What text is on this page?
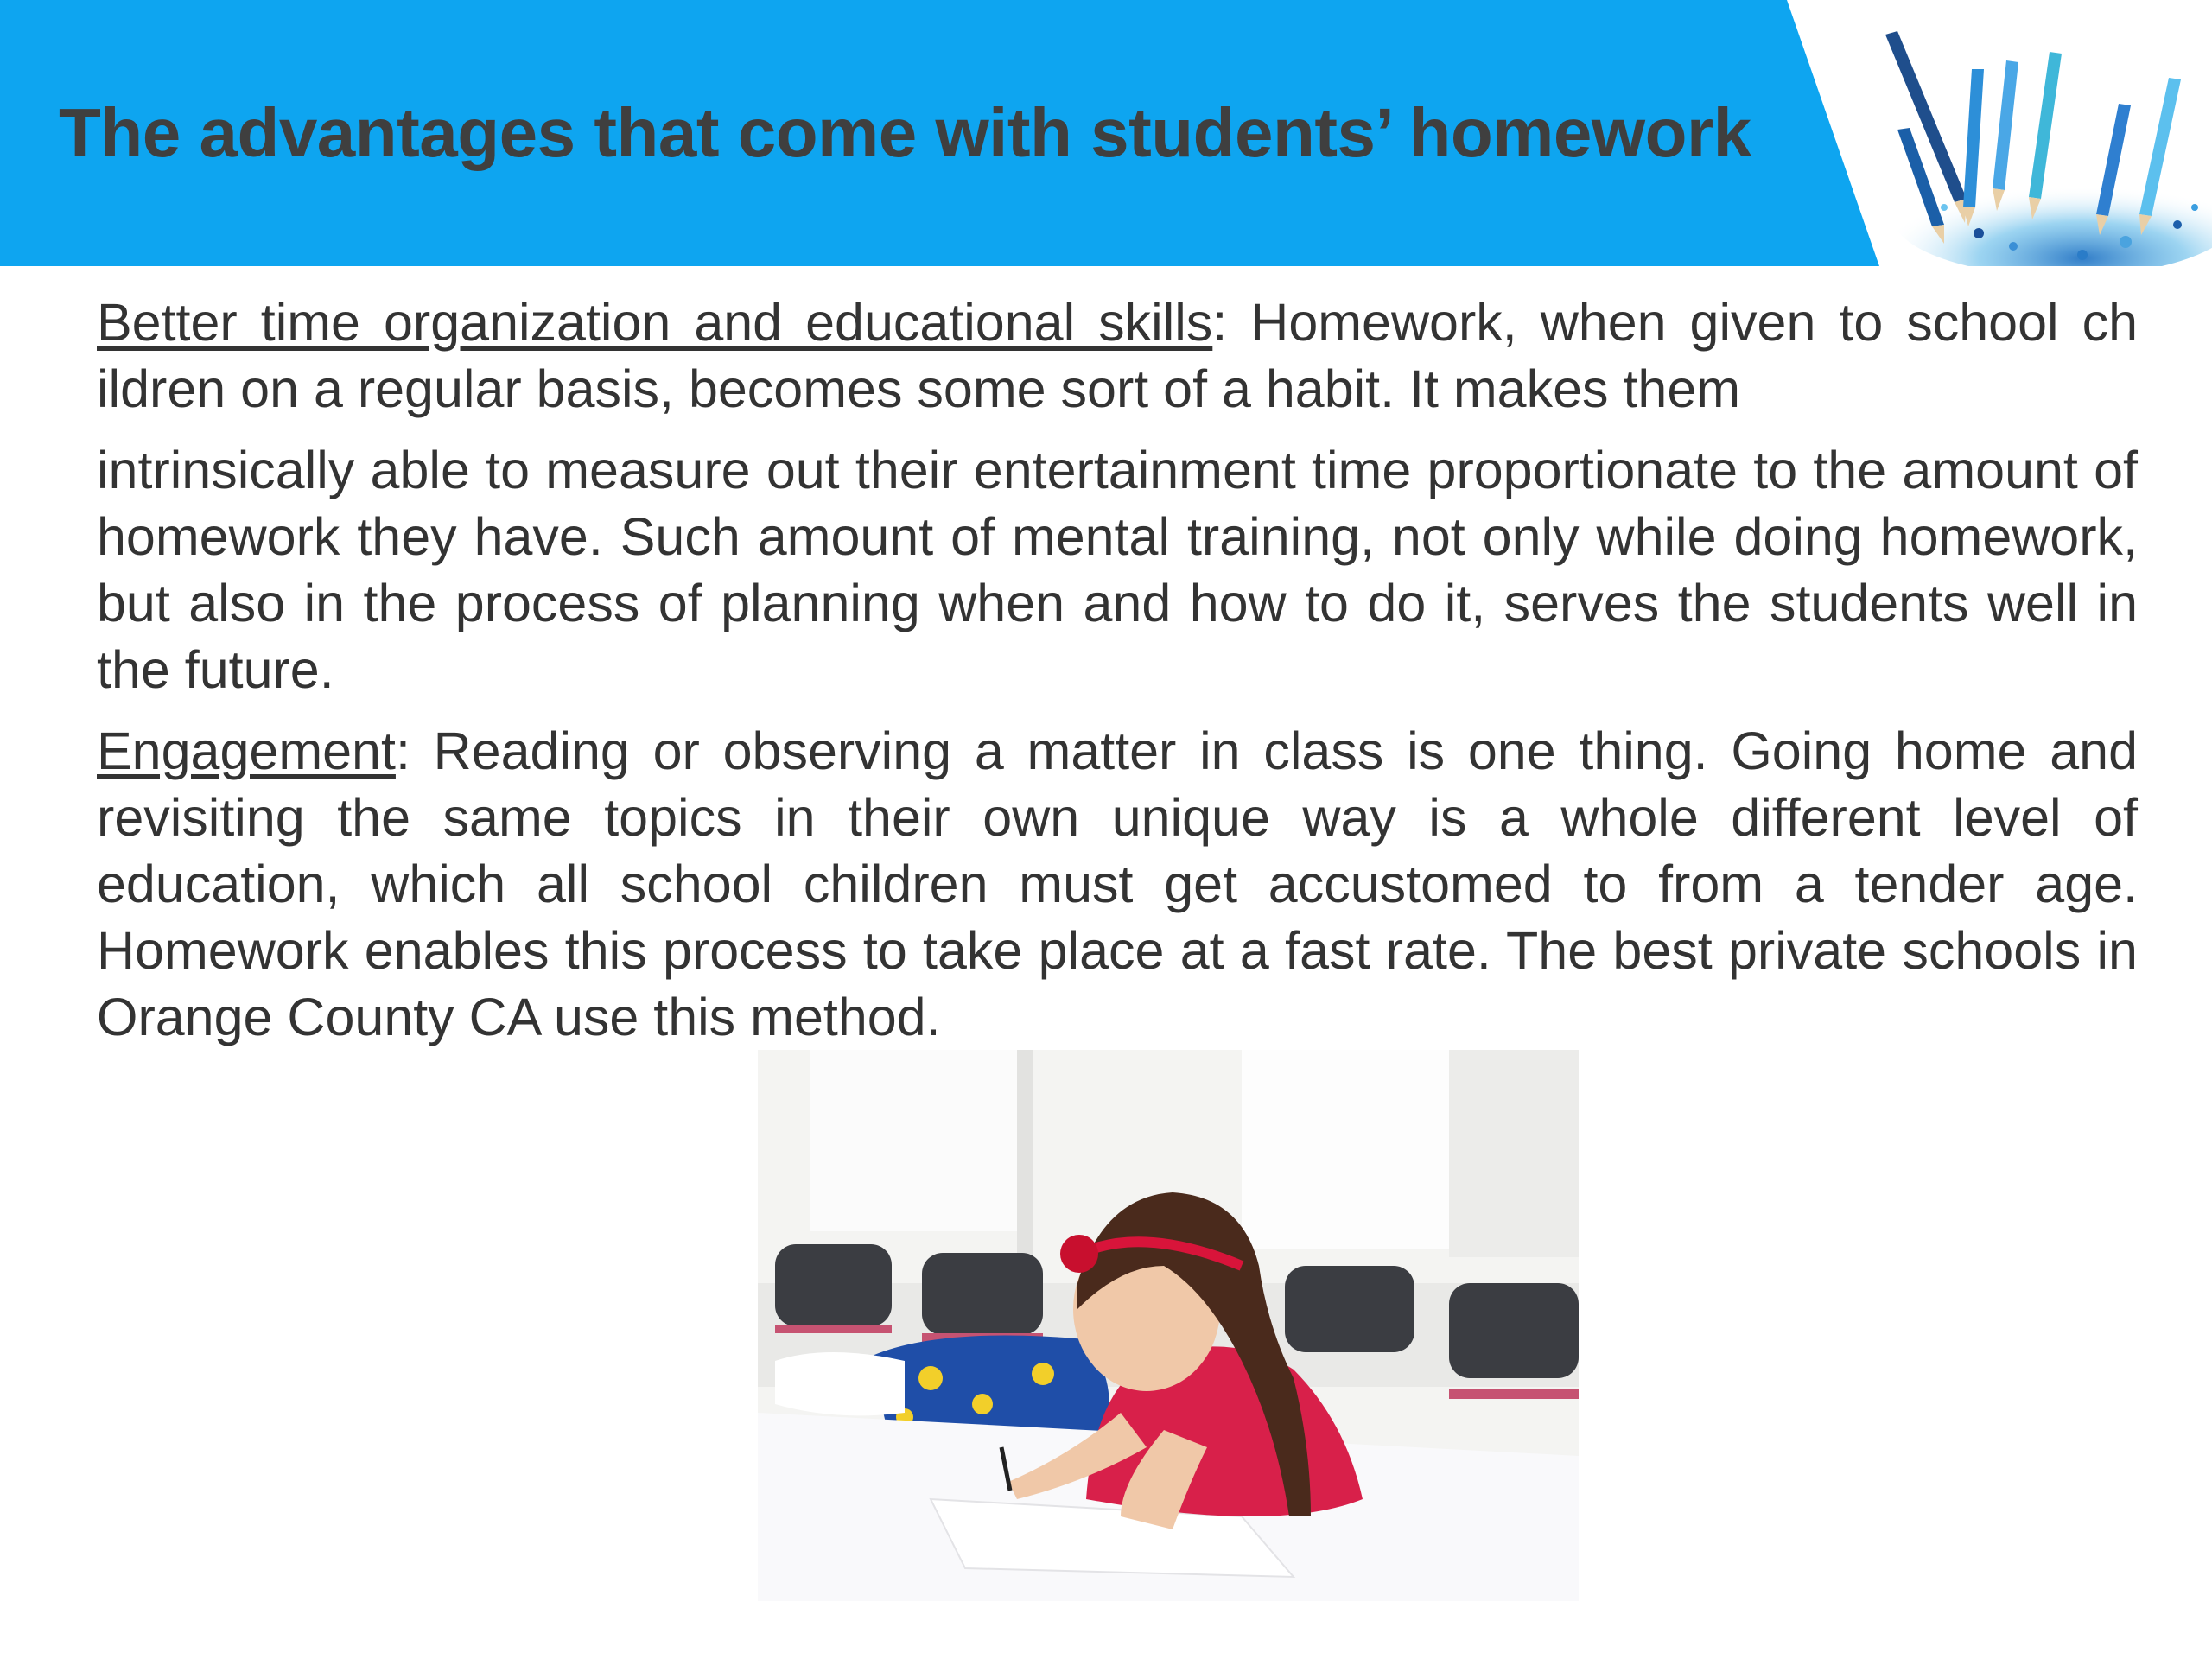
The advantages that come with students’ homework

Better time organization and educational skills: Homework, when given to school ch ildren on a regular basis, becomes some sort of a habit. It makes them

intrinsically able to measure out their entertainment time proportionate to the amount of homework they have. Such amount of mental training, not only while doing homework, but also in the process of planning when and how to do it, serves the students well in the future.

Engagement: Reading or observing a matter in class is one thing. Going home and revisiting the same topics in their own unique way is a whole different level of education, which all school children must get accustomed to from a tender age. Homework enables this process to take place at a fast rate. The best private schools in Orange County CA use this method.
